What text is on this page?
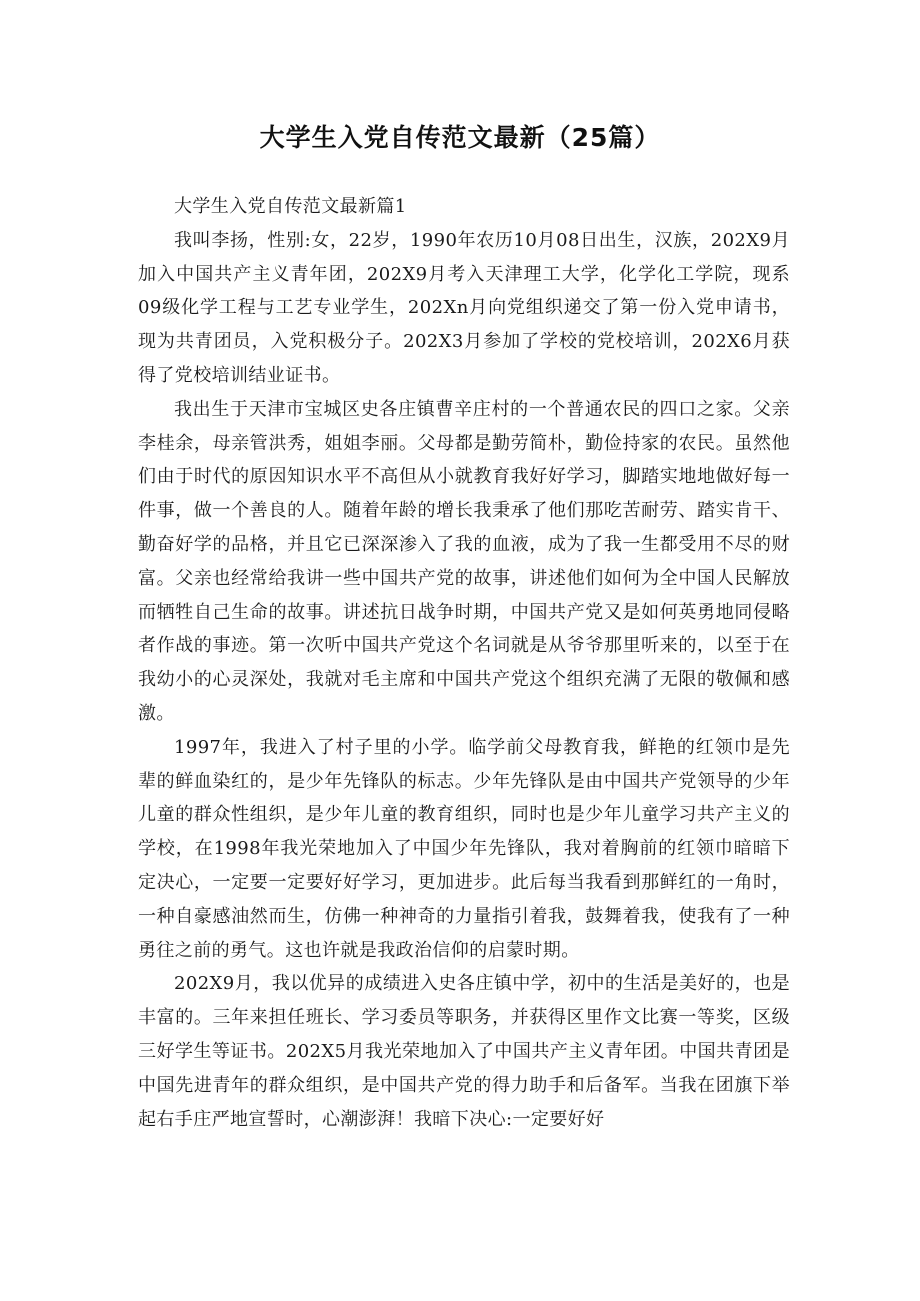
大学生入党自传范文最新（25篇）

大学生入党自传范文最新篇1

我叫李扬，性别:女，22岁，1990年农历10月08日出生，汉族，202X9月加入中国共产主义青年团，202X9月考入天津理工大学，化学化工学院，现系09级化学工程与工艺专业学生，202Xn月向党组织递交了第一份入党申请书，现为共青团员，入党积极分子。202X3月参加了学校的党校培训，202X6月获得了党校培训结业证书。

我出生于天津市宝城区史各庄镇曹辛庄村的一个普通农民的四口之家。父亲李桂余，母亲管洪秀，姐姐李丽。父母都是勤劳简朴，勤俭持家的农民。虽然他们由于时代的原因知识水平不高但从小就教育我好好学习，脚踏实地地做好每一件事，做一个善良的人。随着年龄的增长我秉承了他们那吃苦耐劳、踏实肯干、勤奋好学的品格，并且它已深深渗入了我的血液，成为了我一生都受用不尽的财富。父亲也经常给我讲一些中国共产党的故事，讲述他们如何为全中国人民解放而牺牲自己生命的故事。讲述抗日战争时期，中国共产党又是如何英勇地同侵略者作战的事迹。第一次听中国共产党这个名词就是从爷爷那里听来的，以至于在我幼小的心灵深处，我就对毛主席和中国共产党这个组织充满了无限的敬佩和感激。

1997年，我进入了村子里的小学。临学前父母教育我，鲜艳的红领巾是先辈的鲜血染红的，是少年先锋队的标志。少年先锋队是由中国共产党领导的少年儿童的群众性组织，是少年儿童的教育组织，同时也是少年儿童学习共产主义的学校，在1998年我光荣地加入了中国少年先锋队，我对着胸前的红领巾暗暗下定决心，一定要一定要好好学习，更加进步。此后每当我看到那鲜红的一角时，一种自豪感油然而生，仿佛一种神奇的力量指引着我，鼓舞着我，使我有了一种勇往之前的勇气。这也许就是我政治信仰的启蒙时期。

202X9月，我以优异的成绩进入史各庄镇中学，初中的生活是美好的，也是丰富的。三年来担任班长、学习委员等职务，并获得区里作文比赛一等奖，区级三好学生等证书。202X5月我光荣地加入了中国共产主义青年团。中国共青团是中国先进青年的群众组织，是中国共产党的得力助手和后备军。当我在团旗下举起右手庄严地宣誓时，心潮澎湃！我暗下决心:一定要好好
